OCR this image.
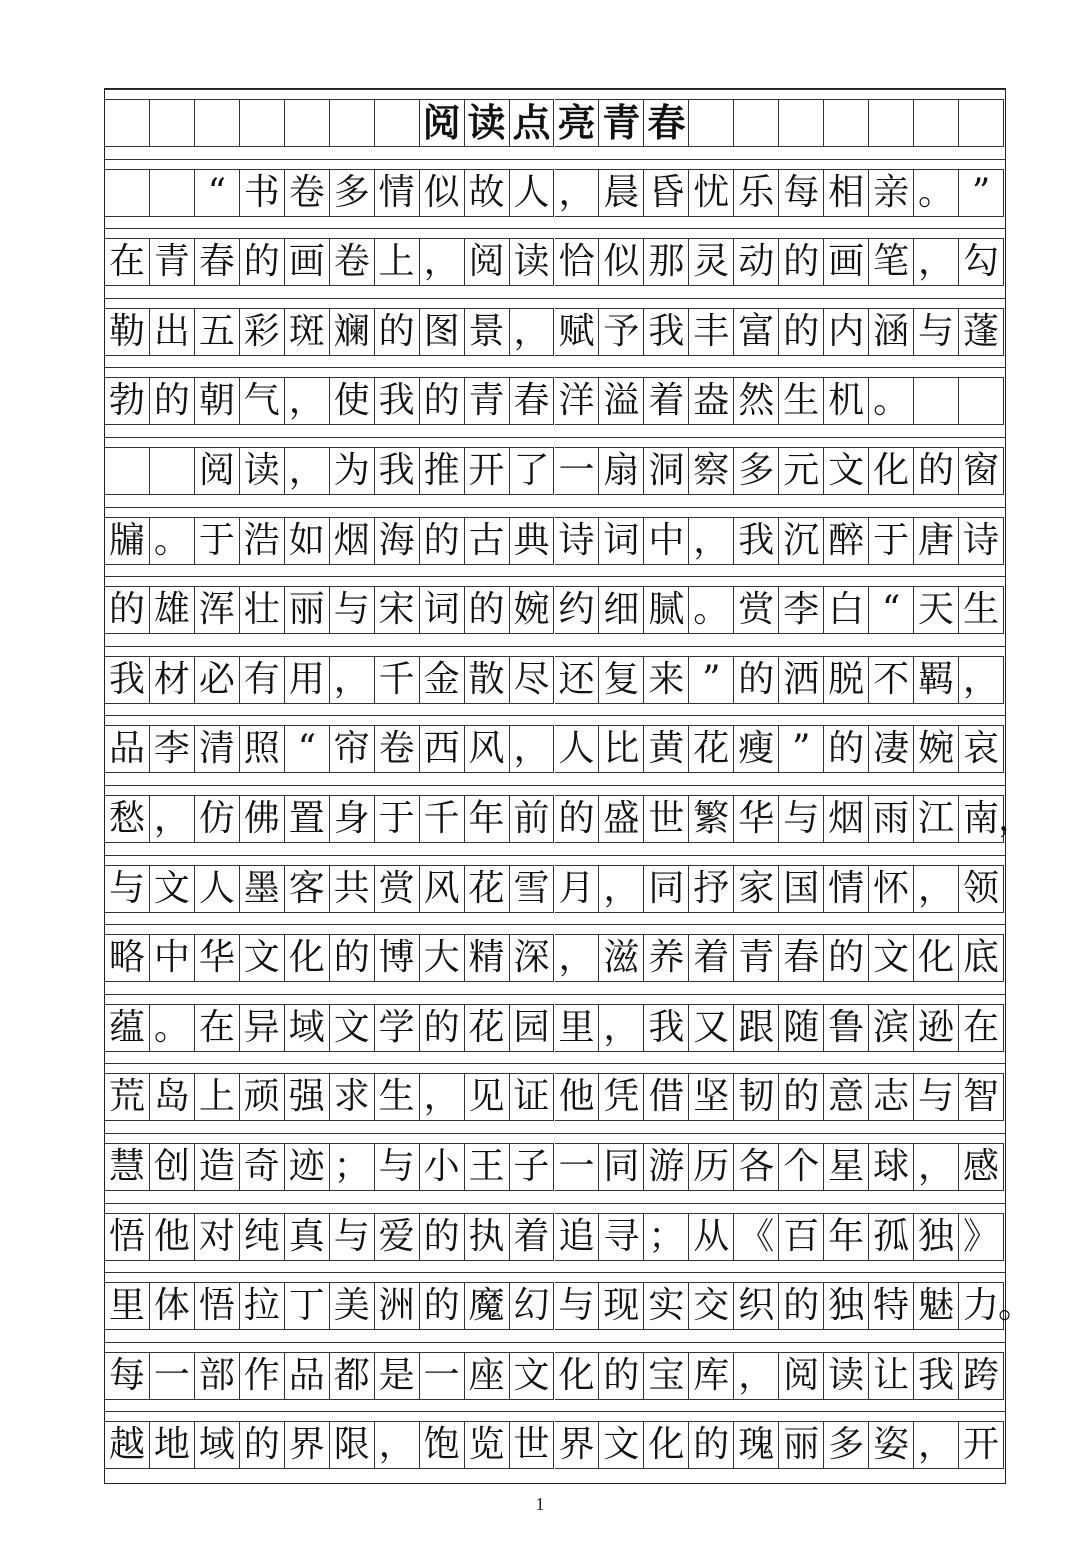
阅 读 点 亮 青 春
“ 书 卷 多 情 似 故 人 ， 晨 昏 忧 乐 每 相 亲 。 ”
在 青 春 的 画 卷 上 ， 阅 读 恰 似 那 灵 动 的 画 笔 ， 勾
勒 出 五 彩 斑 斓 的 图 景 ， 赋 予 我 丰 富 的 内 涵 与 蓬
勃 的 朝 气 ， 使 我 的 青 春 洋 溢 着 盎 然 生 机 。
阅 读 ， 为 我 推 开 了 一 扇 洞 察 多 元 文 化 的 窗
牖 。 于 浩 如 烟 海 的 古 典 诗 词 中 ， 我 沉 醉 于 唐 诗
的 雄 浑 壮 丽 与 宋 词 的 婉 约 细 腻 。 赏 李 白 “ 天 生
我 材 必 有 用 ， 千 金 散 尽 还 复 来 ” 的 洒 脱 不 羁 ，
品 李 清 照 “ 帘 卷 西 风 ， 人 比 黄 花 瘦 ” 的 凄 婉 哀
愁 ， 仿 佛 置 身 于 千 年 前 的 盛 世 繁 华 与 烟 雨 江 南
，
与 文 人 墨 客 共 赏 风 花 雪 月 ， 同 抒 家 国 情 怀 ， 领
略 中 华 文 化 的 博 大 精 深 ， 滋 养 着 青 春 的 文 化 底
蕴 。 在 异 域 文 学 的 花 园 里 ， 我 又 跟 随 鲁 滨 逊 在
荒 岛 上 顽 强 求 生 ， 见 证 他 凭 借 坚 韧 的 意 志 与 智
慧 创 造 奇 迹 ； 与 小 王 子 一 同 游 历 各 个 星 球 ， 感
悟 他 对 纯 真 与 爱 的 执 着 追 寻 ； 从 《 百 年 孤 独 》
里 体 悟 拉 丁 美 洲 的 魔 幻 与 现 实 交 织 的 独 特 魅 力
。
每 一 部 作 品 都 是 一 座 文 化 的 宝 库 ， 阅 读 让 我 跨
越 地 域 的 界 限 ， 饱 览 世 界 文 化 的 瑰 丽 多 姿 ， 开
1
